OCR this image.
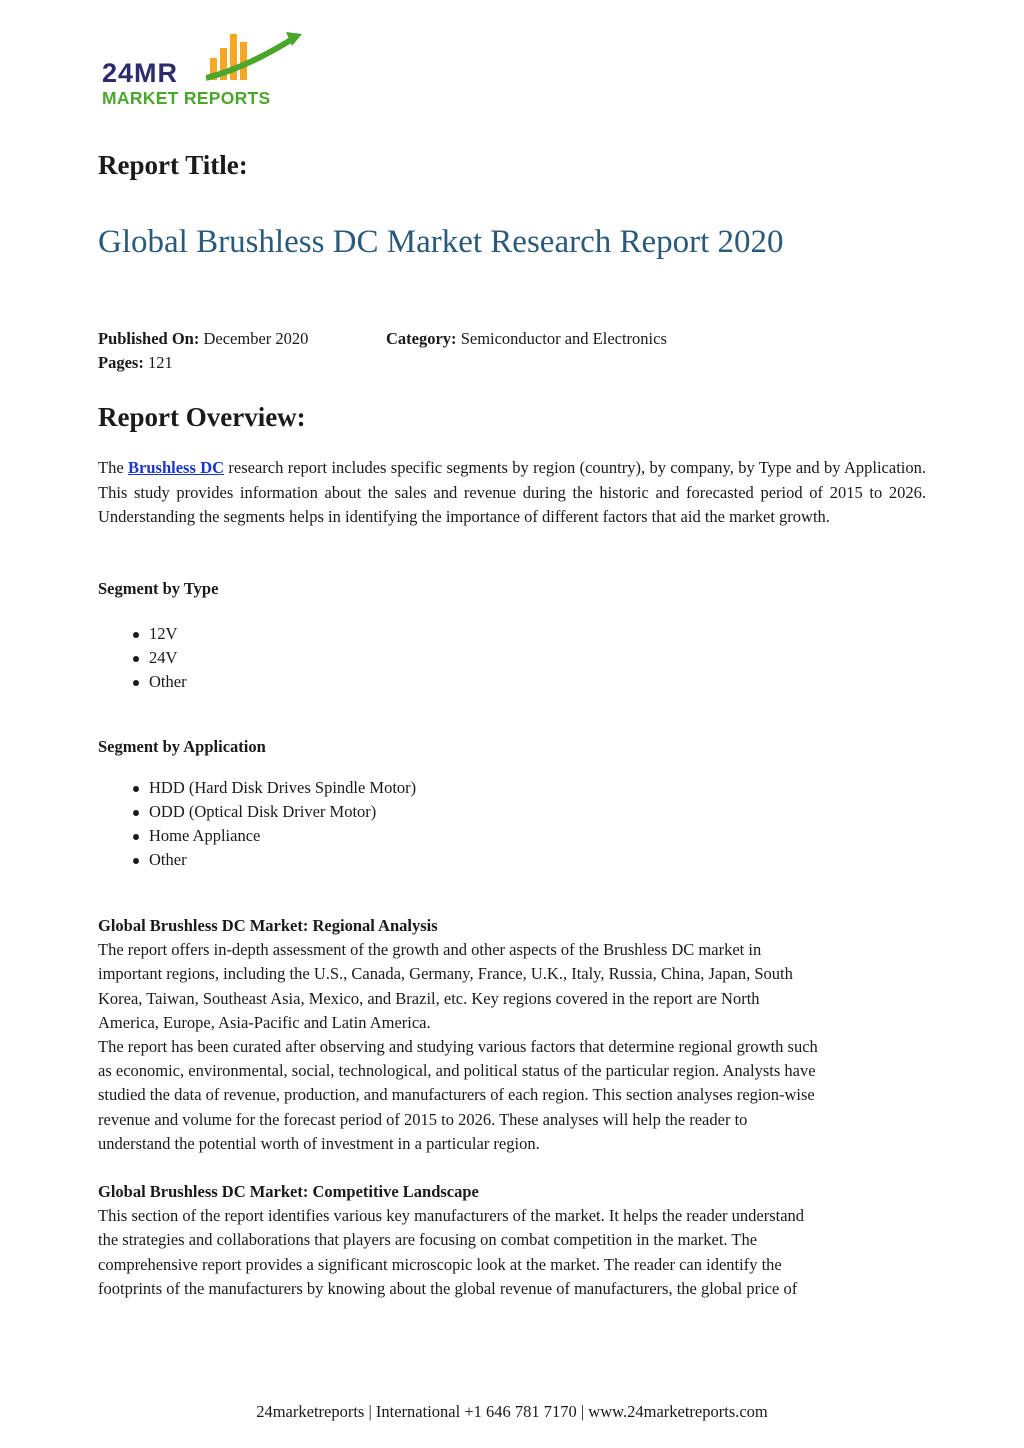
24MR
MARKET REPORTS
Report Title:
Global Brushless DC Market Research Report 2020
Published On: December 2020	Category: Semiconductor and Electronics
Pages: 121
Report Overview:

The Brushless DC research report includes specific segments by region (country), by company, by Type and by Application. This study provides information about the sales and revenue during the historic and forecasted period of 2015 to 2026. Understanding the segments helps in identifying the importance of different factors that aid the market growth.

Segment by Type
12V
24V
Other
Segment by Application
HDD (Hard Disk Drives Spindle Motor)
ODD (Optical Disk Driver Motor)
Home Appliance
Other
Global Brushless DC Market: Regional Analysis
The report offers in-depth assessment of the growth and other aspects of the Brushless DC market in
important regions, including the U.S., Canada, Germany, France, U.K., Italy, Russia, China, Japan, South
Korea, Taiwan, Southeast Asia, Mexico, and Brazil, etc. Key regions covered in the report are North
America, Europe, Asia-Pacific and Latin America.
The report has been curated after observing and studying various factors that determine regional growth such
as economic, environmental, social, technological, and political status of the particular region. Analysts have
studied the data of revenue, production, and manufacturers of each region. This section analyses region-wise
revenue and volume for the forecast period of 2015 to 2026. These analyses will help the reader to
understand the potential worth of investment in a particular region.
Global Brushless DC Market: Competitive Landscape
This section of the report identifies various key manufacturers of the market. It helps the reader understand
the strategies and collaborations that players are focusing on combat competition in the market. The
comprehensive report provides a significant microscopic look at the market. The reader can identify the
footprints of the manufacturers by knowing about the global revenue of manufacturers, the global price of
24marketreports | International +1 646 781 7170 | www.24marketreports.com
